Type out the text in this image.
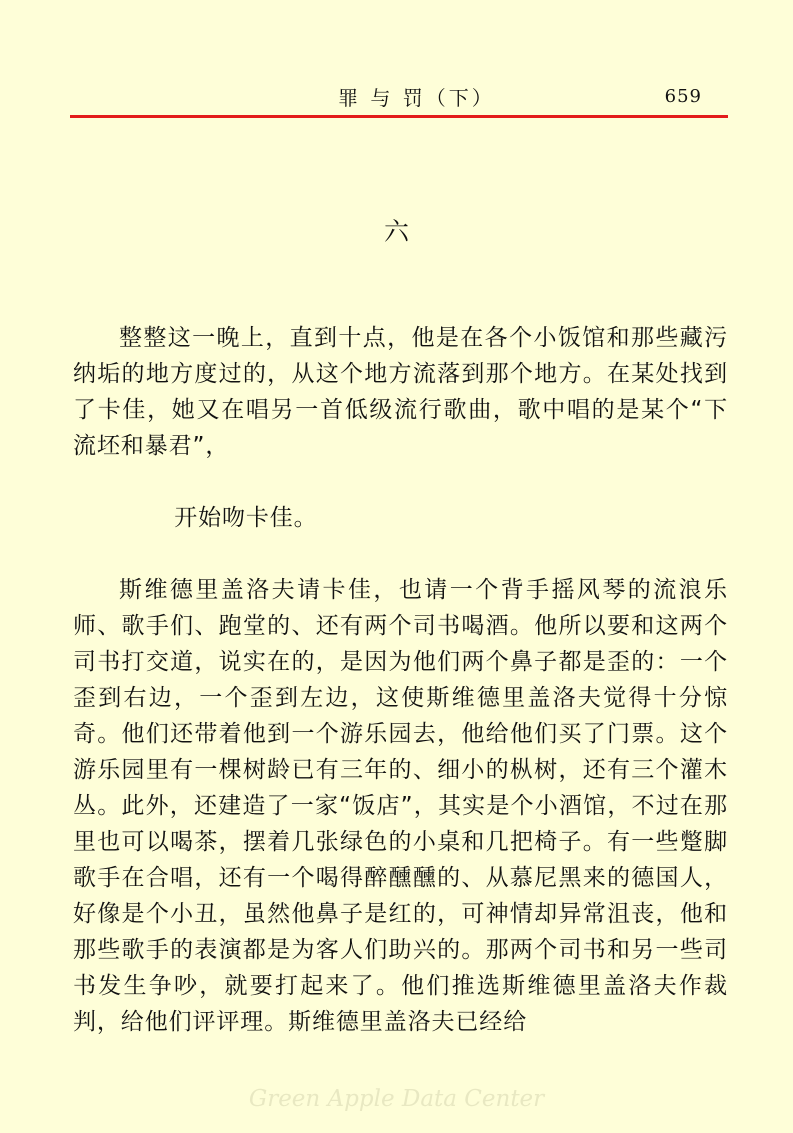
罪 与 罚（下）	659
六

整整这一晚上，直到十点，他是在各个小饭馆和那些藏污纳垢的地方度过的，从这个地方流落到那个地方。在某处找到了卡佳，她又在唱另一首低级流行歌曲，歌中唱的是某个“下流坯和暴君”，

开始吻卡佳。

斯维德里盖洛夫请卡佳，也请一个背手摇风琴的流浪乐师、歌手们、跑堂的、还有两个司书喝酒。他所以要和这两个司书打交道，说实在的，是因为他们两个鼻子都是歪的：一个歪到右边，一个歪到左边，这使斯维德里盖洛夫觉得十分惊奇。他们还带着他到一个游乐园去，他给他们买了门票。这个游乐园里有一棵树龄已有三年的、细小的枞树，还有三个灌木丛。此外，还建造了一家“饭店”，其实是个小酒馆，不过在那里也可以喝茶，摆着几张绿色的小桌和几把椅子。有一些蹩脚歌手在合唱，还有一个喝得醉醺醺的、从慕尼黑来的德国人，好像是个小丑，虽然他鼻子是红的，可神情却异常沮丧，他和那些歌手的表演都是为客人们助兴的。那两个司书和另一些司书发生争吵，就要打起来了。他们推选斯维德里盖洛夫作裁判，给他们评评理。斯维德里盖洛夫已经给

Green Apple Data Center
